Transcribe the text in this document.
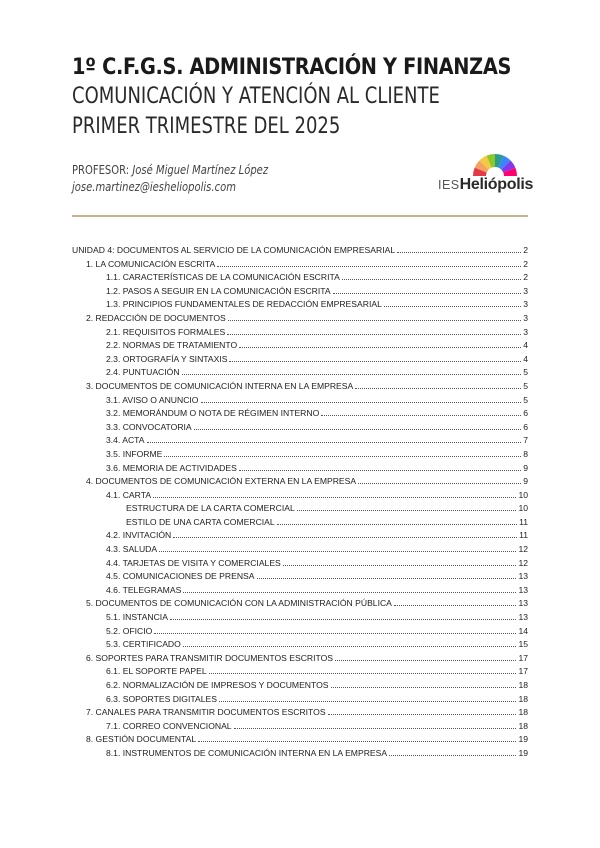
1º C.F.G.S. ADMINISTRACIÓN Y FINANZAS
COMUNICACIÓN Y ATENCIÓN AL CLIENTE
PRIMER TRIMESTRE DEL 2025
PROFESOR: José Miguel Martínez López
jose.martinez@iesheliopolis.com	IESHeliópolis
UNIDAD 4: DOCUMENTOS AL SERVICIO DE LA COMUNICACIÓN EMPRESARIAL	2
1. LA COMUNICACIÓN ESCRITA	2
1.1. CARACTERÍSTICAS DE LA COMUNICACIÓN ESCRITA	2
1.2. PASOS A SEGUIR EN LA COMUNICACIÓN ESCRITA	3
1.3. PRINCIPIOS FUNDAMENTALES DE REDACCIÓN EMPRESARIAL	3
2. REDACCIÓN DE DOCUMENTOS	3
2.1. REQUISITOS FORMALES	3
2.2. NORMAS DE TRATAMIENTO	4
2.3. ORTOGRAFÍA Y SINTAXIS	4
2.4. PUNTUACIÓN	5
3. DOCUMENTOS DE COMUNICACIÓN INTERNA EN LA EMPRESA	5
3.1. AVISO O ANUNCIO	5
3.2. MEMORÁNDUM O NOTA DE RÉGIMEN INTERNO	6
3.3. CONVOCATORIA	6
3.4. ACTA	7
3.5. INFORME	8
3.6. MEMORIA DE ACTIVIDADES	9
4. DOCUMENTOS DE COMUNICACIÓN EXTERNA EN LA EMPRESA	9
4.1. CARTA	10
ESTRUCTURA DE LA CARTA COMERCIAL	10
ESTILO DE UNA CARTA COMERCIAL	11
4.2. INVITACIÓN	11
4.3. SALUDA	12
4.4. TARJETAS DE VISITA Y COMERCIALES	12
4.5. COMUNICACIONES DE PRENSA	13
4.6. TELEGRAMAS	13
5. DOCUMENTOS DE COMUNICACIÓN CON LA ADMINISTRACIÓN PÚBLICA	13
5.1. INSTANCIA	13
5.2. OFICIO	14
5.3. CERTIFICADO	15
6. SOPORTES PARA TRANSMITIR DOCUMENTOS ESCRITOS	17
6.1. EL SOPORTE PAPEL	17
6.2. NORMALIZACIÓN DE IMPRESOS Y DOCUMENTOS	18
6.3. SOPORTES DIGITALES	18
7. CANALES PARA TRANSMITIR DOCUMENTOS ESCRITOS	18
7.1. CORREO CONVENCIONAL	18
8. GESTIÓN DOCUMENTAL	19
8.1. INSTRUMENTOS DE COMUNICACIÓN INTERNA EN LA EMPRESA	19
